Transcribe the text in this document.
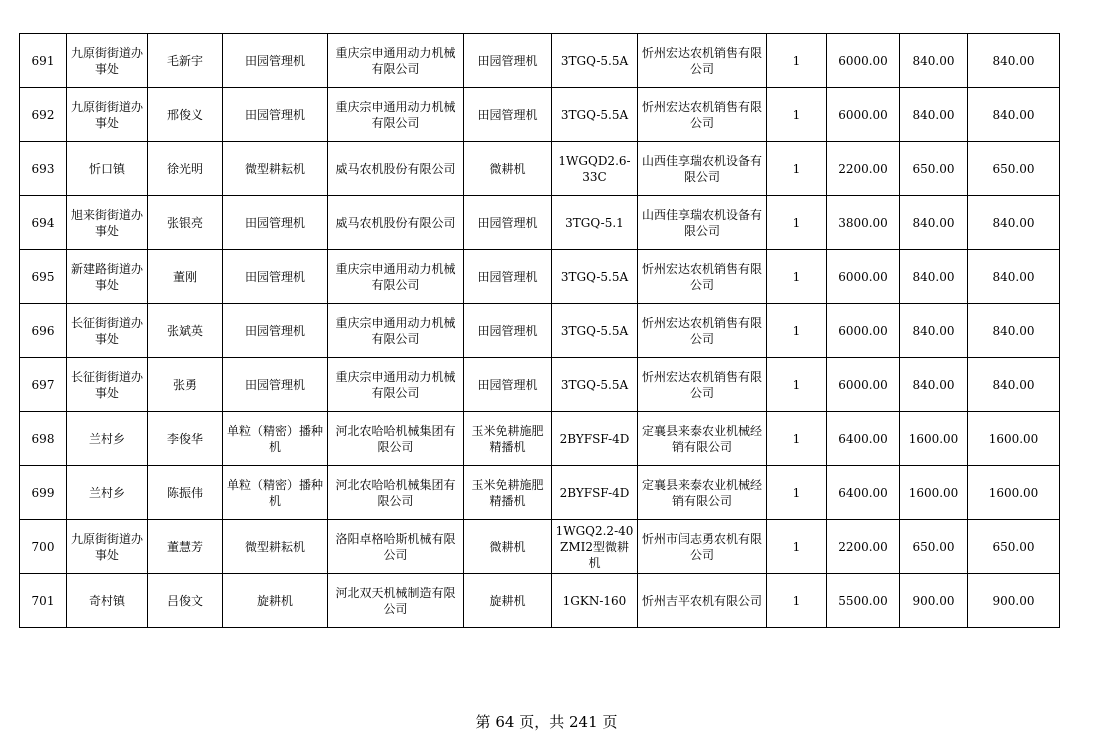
691	九原街街道办事处	毛新宇	田园管理机	重庆宗申通用动力机械有限公司	田园管理机	3TGQ-5.5A	忻州宏达农机销售有限公司	1	6000.00	840.00	840.00
692	九原街街道办事处	邢俊义	田园管理机	重庆宗申通用动力机械有限公司	田园管理机	3TGQ-5.5A	忻州宏达农机销售有限公司	1	6000.00	840.00	840.00
693	忻口镇	徐光明	微型耕耘机	威马农机股份有限公司	微耕机	1WGQD2.6-33C	山西佳享瑞农机设备有限公司	1	2200.00	650.00	650.00
694	旭来街街道办事处	张银亮	田园管理机	威马农机股份有限公司	田园管理机	3TGQ-5.1	山西佳享瑞农机设备有限公司	1	3800.00	840.00	840.00
695	新建路街道办事处	董刚	田园管理机	重庆宗申通用动力机械有限公司	田园管理机	3TGQ-5.5A	忻州宏达农机销售有限公司	1	6000.00	840.00	840.00
696	长征街街道办事处	张斌英	田园管理机	重庆宗申通用动力机械有限公司	田园管理机	3TGQ-5.5A	忻州宏达农机销售有限公司	1	6000.00	840.00	840.00
697	长征街街道办事处	张勇	田园管理机	重庆宗申通用动力机械有限公司	田园管理机	3TGQ-5.5A	忻州宏达农机销售有限公司	1	6000.00	840.00	840.00
698	兰村乡	李俊华	单粒（精密）播种机	河北农哈哈机械集团有限公司	玉米免耕施肥精播机	2BYFSF-4D	定襄县来泰农业机械经销有限公司	1	6400.00	1600.00	1600.00
699	兰村乡	陈振伟	单粒（精密）播种机	河北农哈哈机械集团有限公司	玉米免耕施肥精播机	2BYFSF-4D	定襄县来泰农业机械经销有限公司	1	6400.00	1600.00	1600.00
700	九原街街道办事处	董慧芳	微型耕耘机	洛阳卓格哈斯机械有限公司	微耕机	1WGQ2.2-40ZMI2型微耕机	忻州市闫志勇农机有限公司	1	2200.00	650.00	650.00
701	奇村镇	吕俊文	旋耕机	河北双天机械制造有限公司	旋耕机	1GKN-160	忻州吉平农机有限公司	1	5500.00	900.00	900.00
第 64 页，共 241 页
